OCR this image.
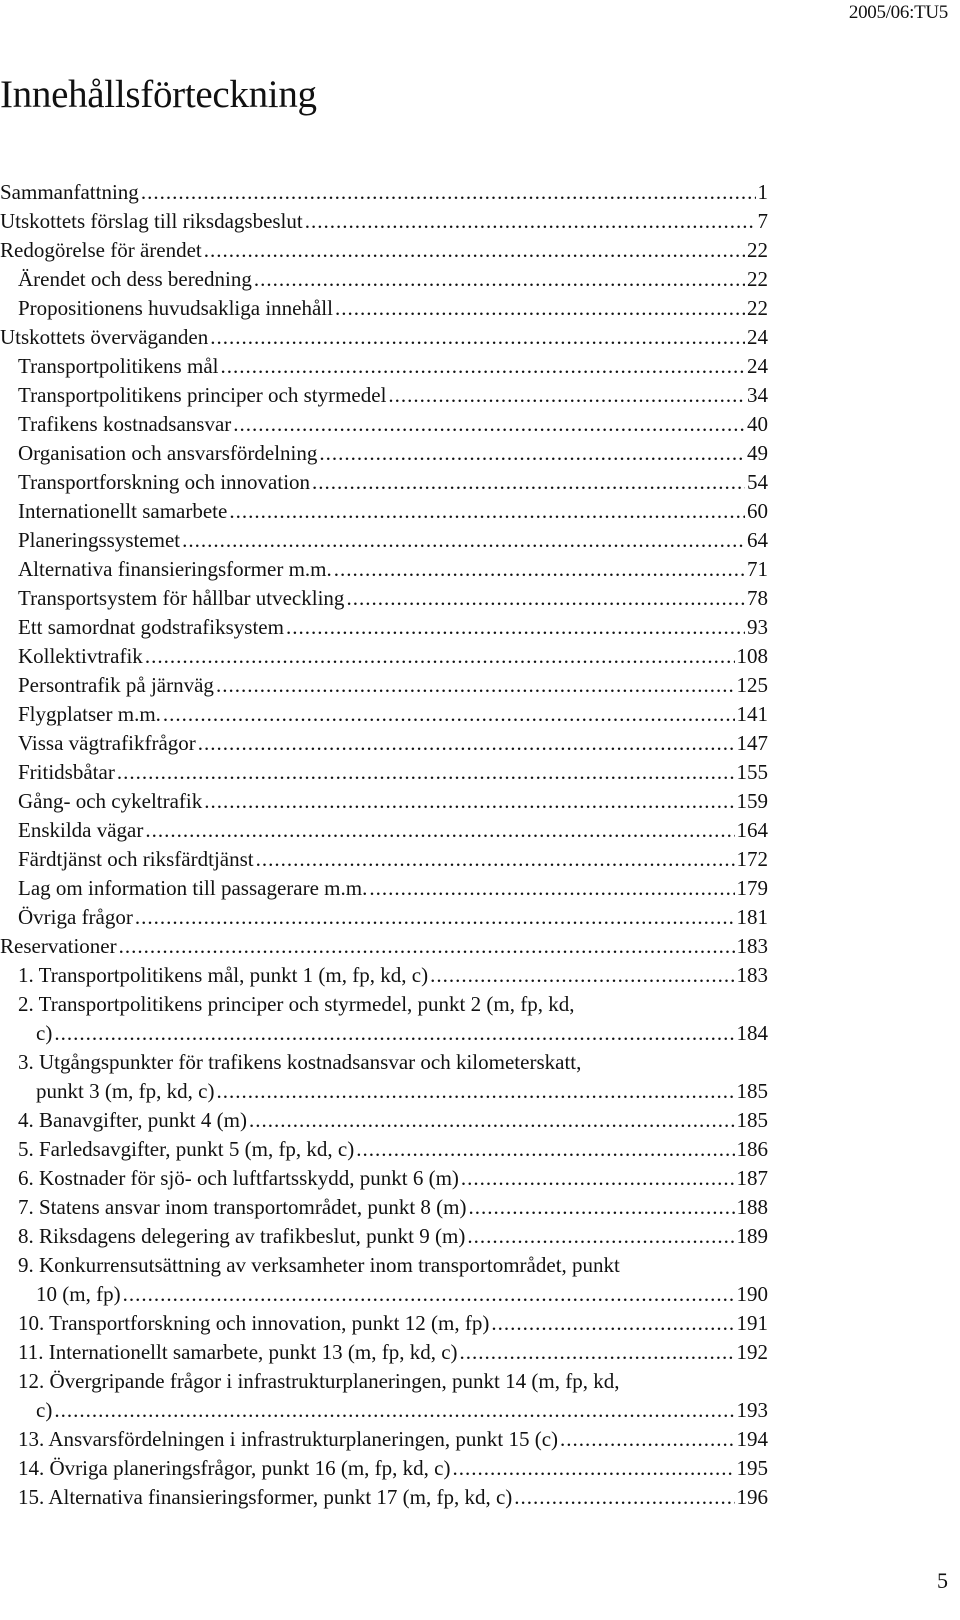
2005/06:TU5
Innehållsförteckning
Sammanfattning .....	1
Utskottets förslag till riksdagsbeslut .....	7
Redogörelse för ärendet .....	22
Ärendet och dess beredning .....	22
Propositionens huvudsakliga innehåll .....	22
Utskottets överväganden .....	24
Transportpolitikens mål .....	24
Transportpolitikens principer och styrmedel .....	34
Trafikens kostnadsansvar .....	40
Organisation och ansvarsfördelning .....	49
Transportforskning och innovation .....	54
Internationellt samarbete .....	60
Planeringssystemet .....	64
Alternativa finansieringsformer m.m. .....	71
Transportsystem för hållbar utveckling .....	78
Ett samordnat godstrafiksystem .....	93
Kollektivtrafik .....	108
Persontrafik på järnväg .....	125
Flygplatser m.m. .....	141
Vissa vägtrafikfrågor .....	147
Fritidsbåtar .....	155
Gång- och cykeltrafik .....	159
Enskilda vägar .....	164
Färdtjänst och riksfärdtjänst .....	172
Lag om information till passagerare m.m. .....	179
Övriga frågor .....	181
Reservationer .....	183
1. Transportpolitikens mål, punkt 1 (m, fp, kd, c) .....	183
2. Transportpolitikens principer och styrmedel, punkt 2 (m, fp, kd,
c) .....	184
3. Utgångspunkter för trafikens kostnadsansvar och kilometerskatt,
punkt 3 (m, fp, kd, c) .....	185
4. Banavgifter, punkt 4 (m) .....	185
5. Farledsavgifter, punkt 5 (m, fp, kd, c) .....	186
6. Kostnader för sjö- och luftfartsskydd, punkt 6 (m) .....	187
7. Statens ansvar inom transportområdet, punkt 8 (m) .....	188
8. Riksdagens delegering av trafikbeslut, punkt 9 (m) .....	189
9. Konkurrensutsättning av verksamheter inom transportområdet, punkt
10 (m, fp) .....	190
10. Transportforskning och innovation, punkt 12 (m, fp) .....	191
11. Internationellt samarbete, punkt 13 (m, fp, kd, c) .....	192
12. Övergripande frågor i infrastrukturplaneringen, punkt 14 (m, fp, kd,
c) .....	193
13. Ansvarsfördelningen i infrastrukturplaneringen, punkt 15 (c) .....	194
14. Övriga planeringsfrågor, punkt 16 (m, fp, kd, c) .....	195
15. Alternativa finansieringsformer, punkt 17 (m, fp, kd, c) .....	196
5
